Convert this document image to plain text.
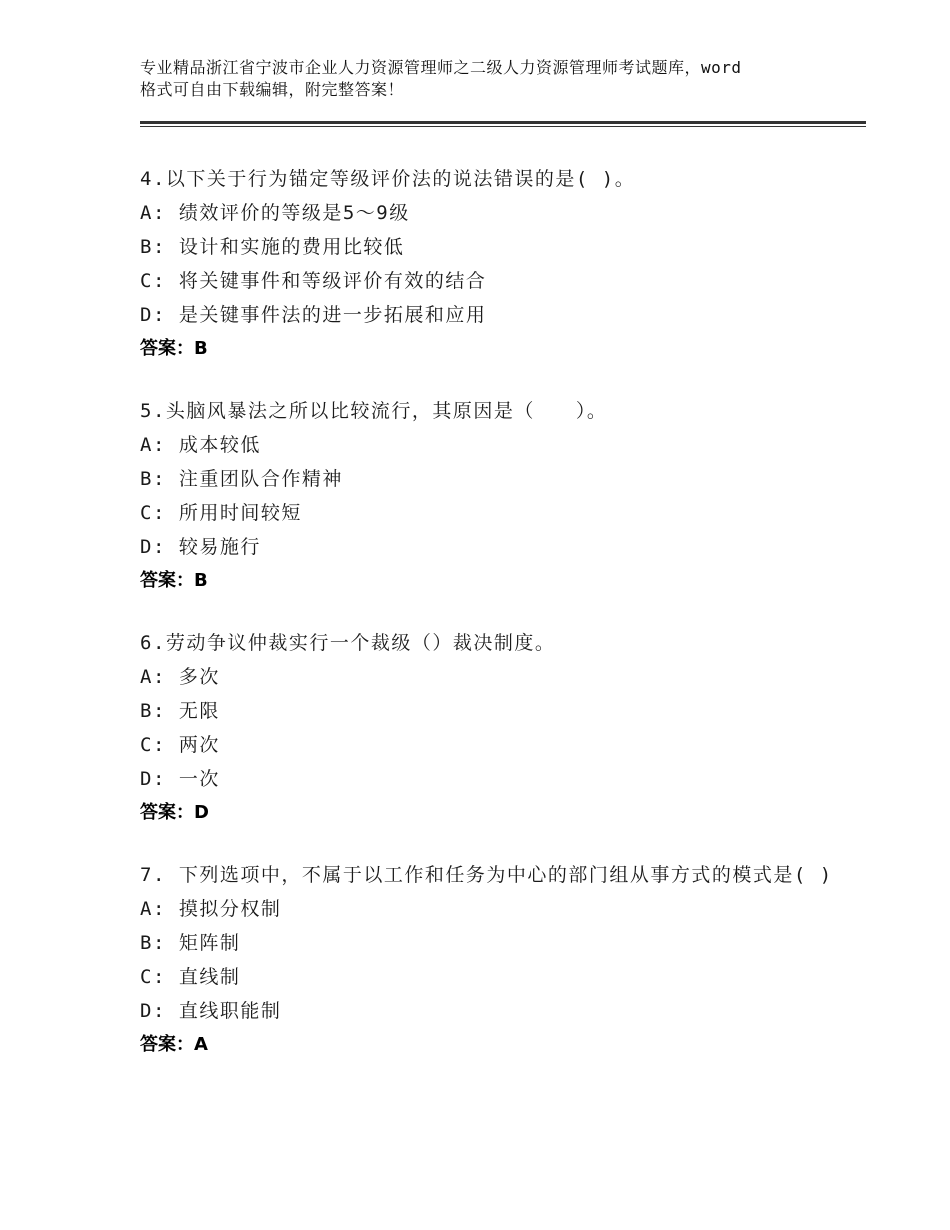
专业精品浙江省宁波市企业人力资源管理师之二级人力资源管理师考试题库，word
格式可自由下载编辑，附完整答案！
4.以下关于行为锚定等级评价法的说法错误的是( )。
A: 绩效评价的等级是5～9级
B: 设计和实施的费用比较低
C: 将关键事件和等级评价有效的结合
D: 是关键事件法的进一步拓展和应用
答案：B
5.头脑风暴法之所以比较流行，其原因是（　　）。
A: 成本较低
B: 注重团队合作精神
C: 所用时间较短
D: 较易施行
答案：B
6.劳动争议仲裁实行一个裁级（）裁决制度。
A: 多次
B: 无限
C: 两次
D: 一次
答案：D
7. 下列选项中，不属于以工作和任务为中心的部门组从事方式的模式是( )
A: 摸拟分权制
B: 矩阵制
C: 直线制
D: 直线职能制
答案：A
